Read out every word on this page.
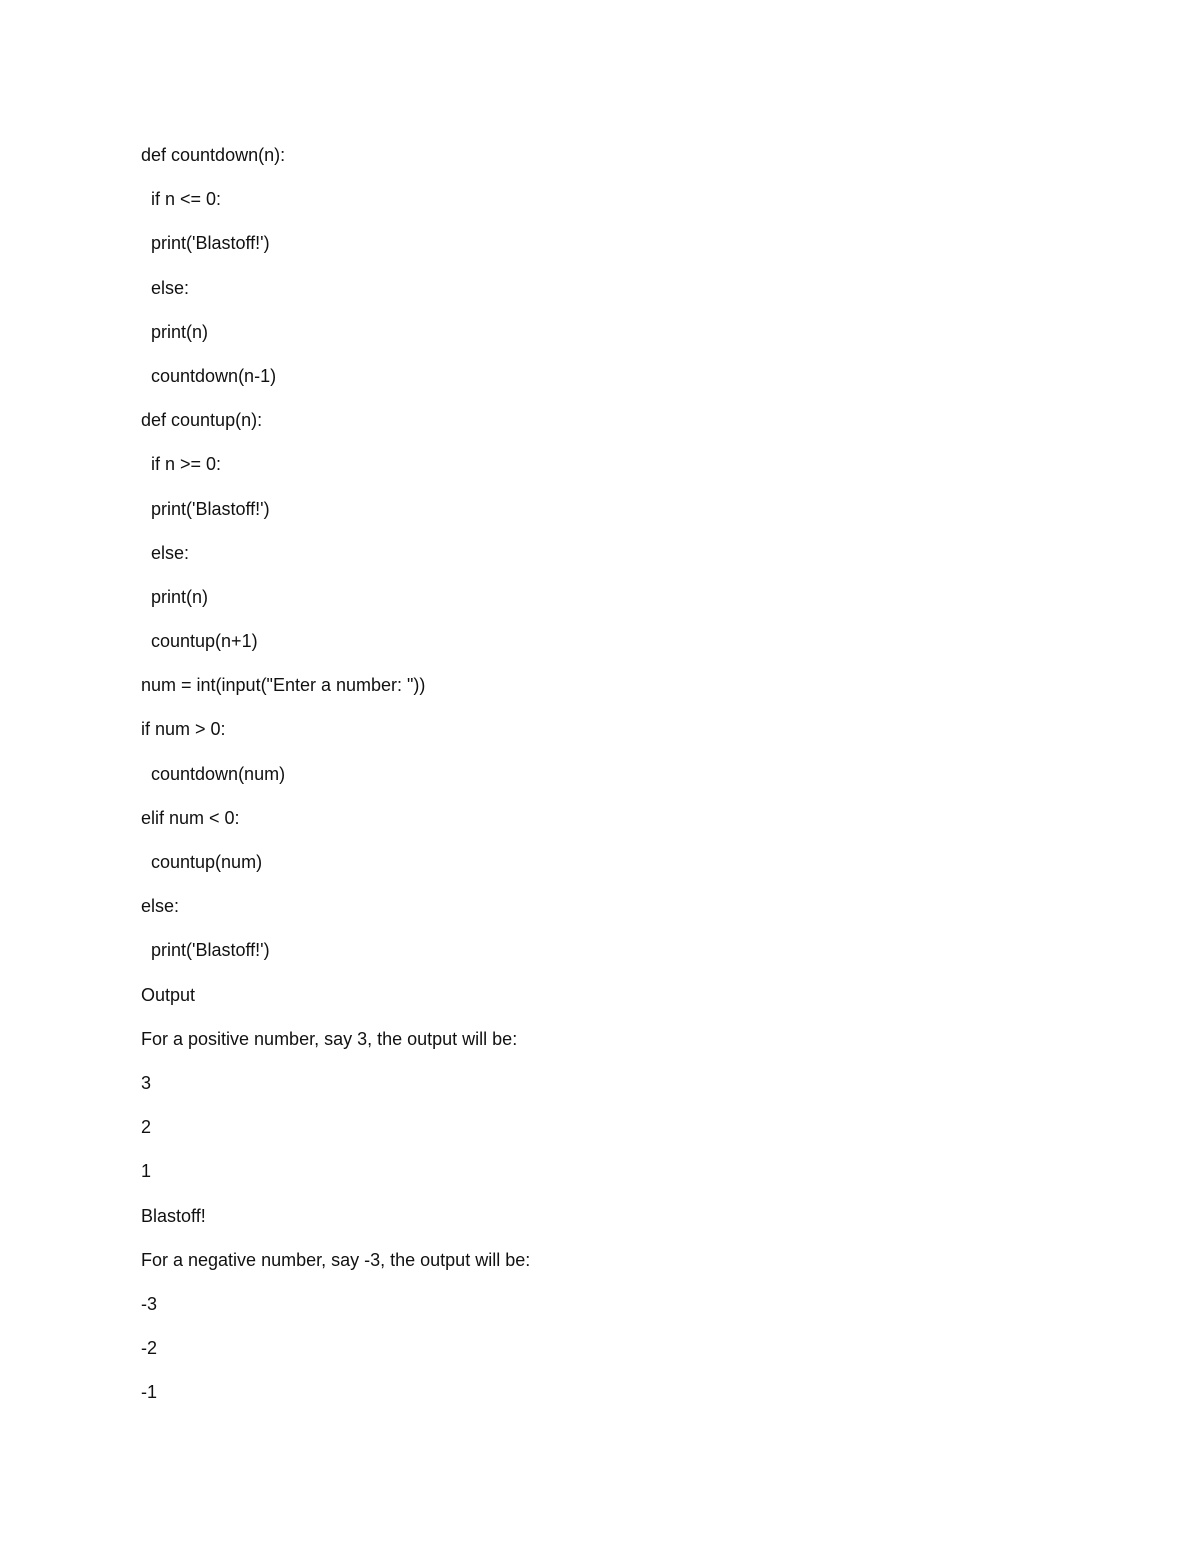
def countdown(n):
if n <= 0:
print('Blastoff!')
else:
print(n)
countdown(n-1)
def countup(n):
if n >= 0:
print('Blastoff!')
else:
print(n)
countup(n+1)
num = int(input("Enter a number: "))
if num > 0:
countdown(num)
elif num < 0:
countup(num)
else:
print('Blastoff!')
Output
For a positive number, say 3, the output will be:
3
2
1
Blastoff!
For a negative number, say -3, the output will be:
-3
-2
-1
